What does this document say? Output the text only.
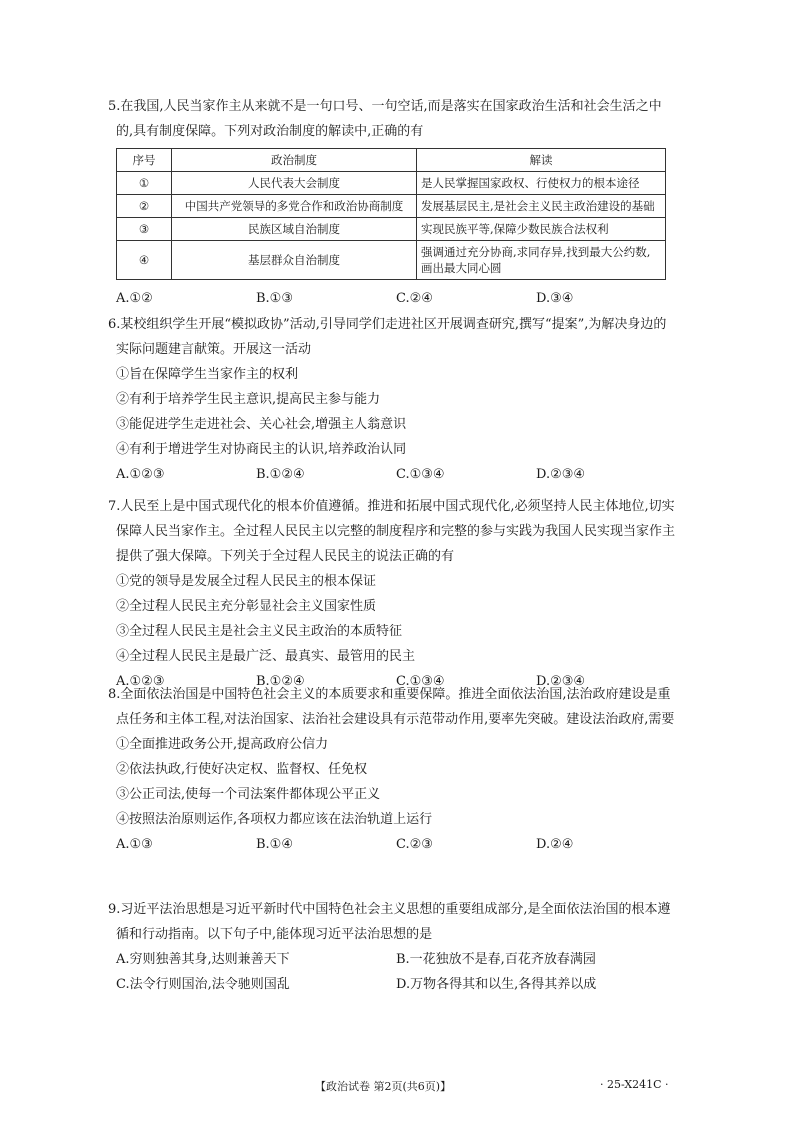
5.在我国,人民当家作主从来就不是一句口号、一句空话,而是落实在国家政治生活和社会生活之中的,具有制度保障。下列对政治制度的解读中,正确的有

序号	政治制度	解读
①	人民代表大会制度	是人民掌握国家政权、行使权力的根本途径
②	中国共产党领导的多党合作和政治协商制度	发展基层民主,是社会主义民主政治建设的基础
③	民族区域自治制度	实现民族平等,保障少数民族合法权利
④	基层群众自治制度	强调通过充分协商,求同存异,找到最大公约数,画出最大同心圆
A.①②	B.①③	C.②④	D.③④

6.某校组织学生开展“模拟政协”活动,引导同学们走进社区开展调查研究,撰写“提案”,为解决身边的实际问题建言献策。开展这一活动

①旨在保障学生当家作主的权利

②有利于培养学生民主意识,提高民主参与能力

③能促进学生走进社会、关心社会,增强主人翁意识

④有利于增进学生对协商民主的认识,培养政治认同

A.①②③	B.①②④	C.①③④	D.②③④

7.人民至上是中国式现代化的根本价值遵循。推进和拓展中国式现代化,必须坚持人民主体地位,切实保障人民当家作主。全过程人民民主以完整的制度程序和完整的参与实践为我国人民实现当家作主提供了强大保障。下列关于全过程人民民主的说法正确的有

①党的领导是发展全过程人民民主的根本保证

②全过程人民民主充分彰显社会主义国家性质

③全过程人民民主是社会主义民主政治的本质特征

④全过程人民民主是最广泛、最真实、最管用的民主

A.①②③	B.①②④	C.①③④	D.②③④

8.全面依法治国是中国特色社会主义的本质要求和重要保障。推进全面依法治国,法治政府建设是重点任务和主体工程,对法治国家、法治社会建设具有示范带动作用,要率先突破。建设法治政府,需要

①全面推进政务公开,提高政府公信力

②依法执政,行使好决定权、监督权、任免权

③公正司法,使每一个司法案件都体现公平正义

④按照法治原则运作,各项权力都应该在法治轨道上运行

A.①③	B.①④	C.②③	D.②④

9.习近平法治思想是习近平新时代中国特色社会主义思想的重要组成部分,是全面依法治国的根本遵循和行动指南。以下句子中,能体现习近平法治思想的是

A.穷则独善其身,达则兼善天下	B.一花独放不是春,百花齐放春满园
C.法令行则国治,法令驰则国乱	D.万物各得其和以生,各得其养以成
【政治试卷 第2页(共6页)】	· 25-X241C ·
